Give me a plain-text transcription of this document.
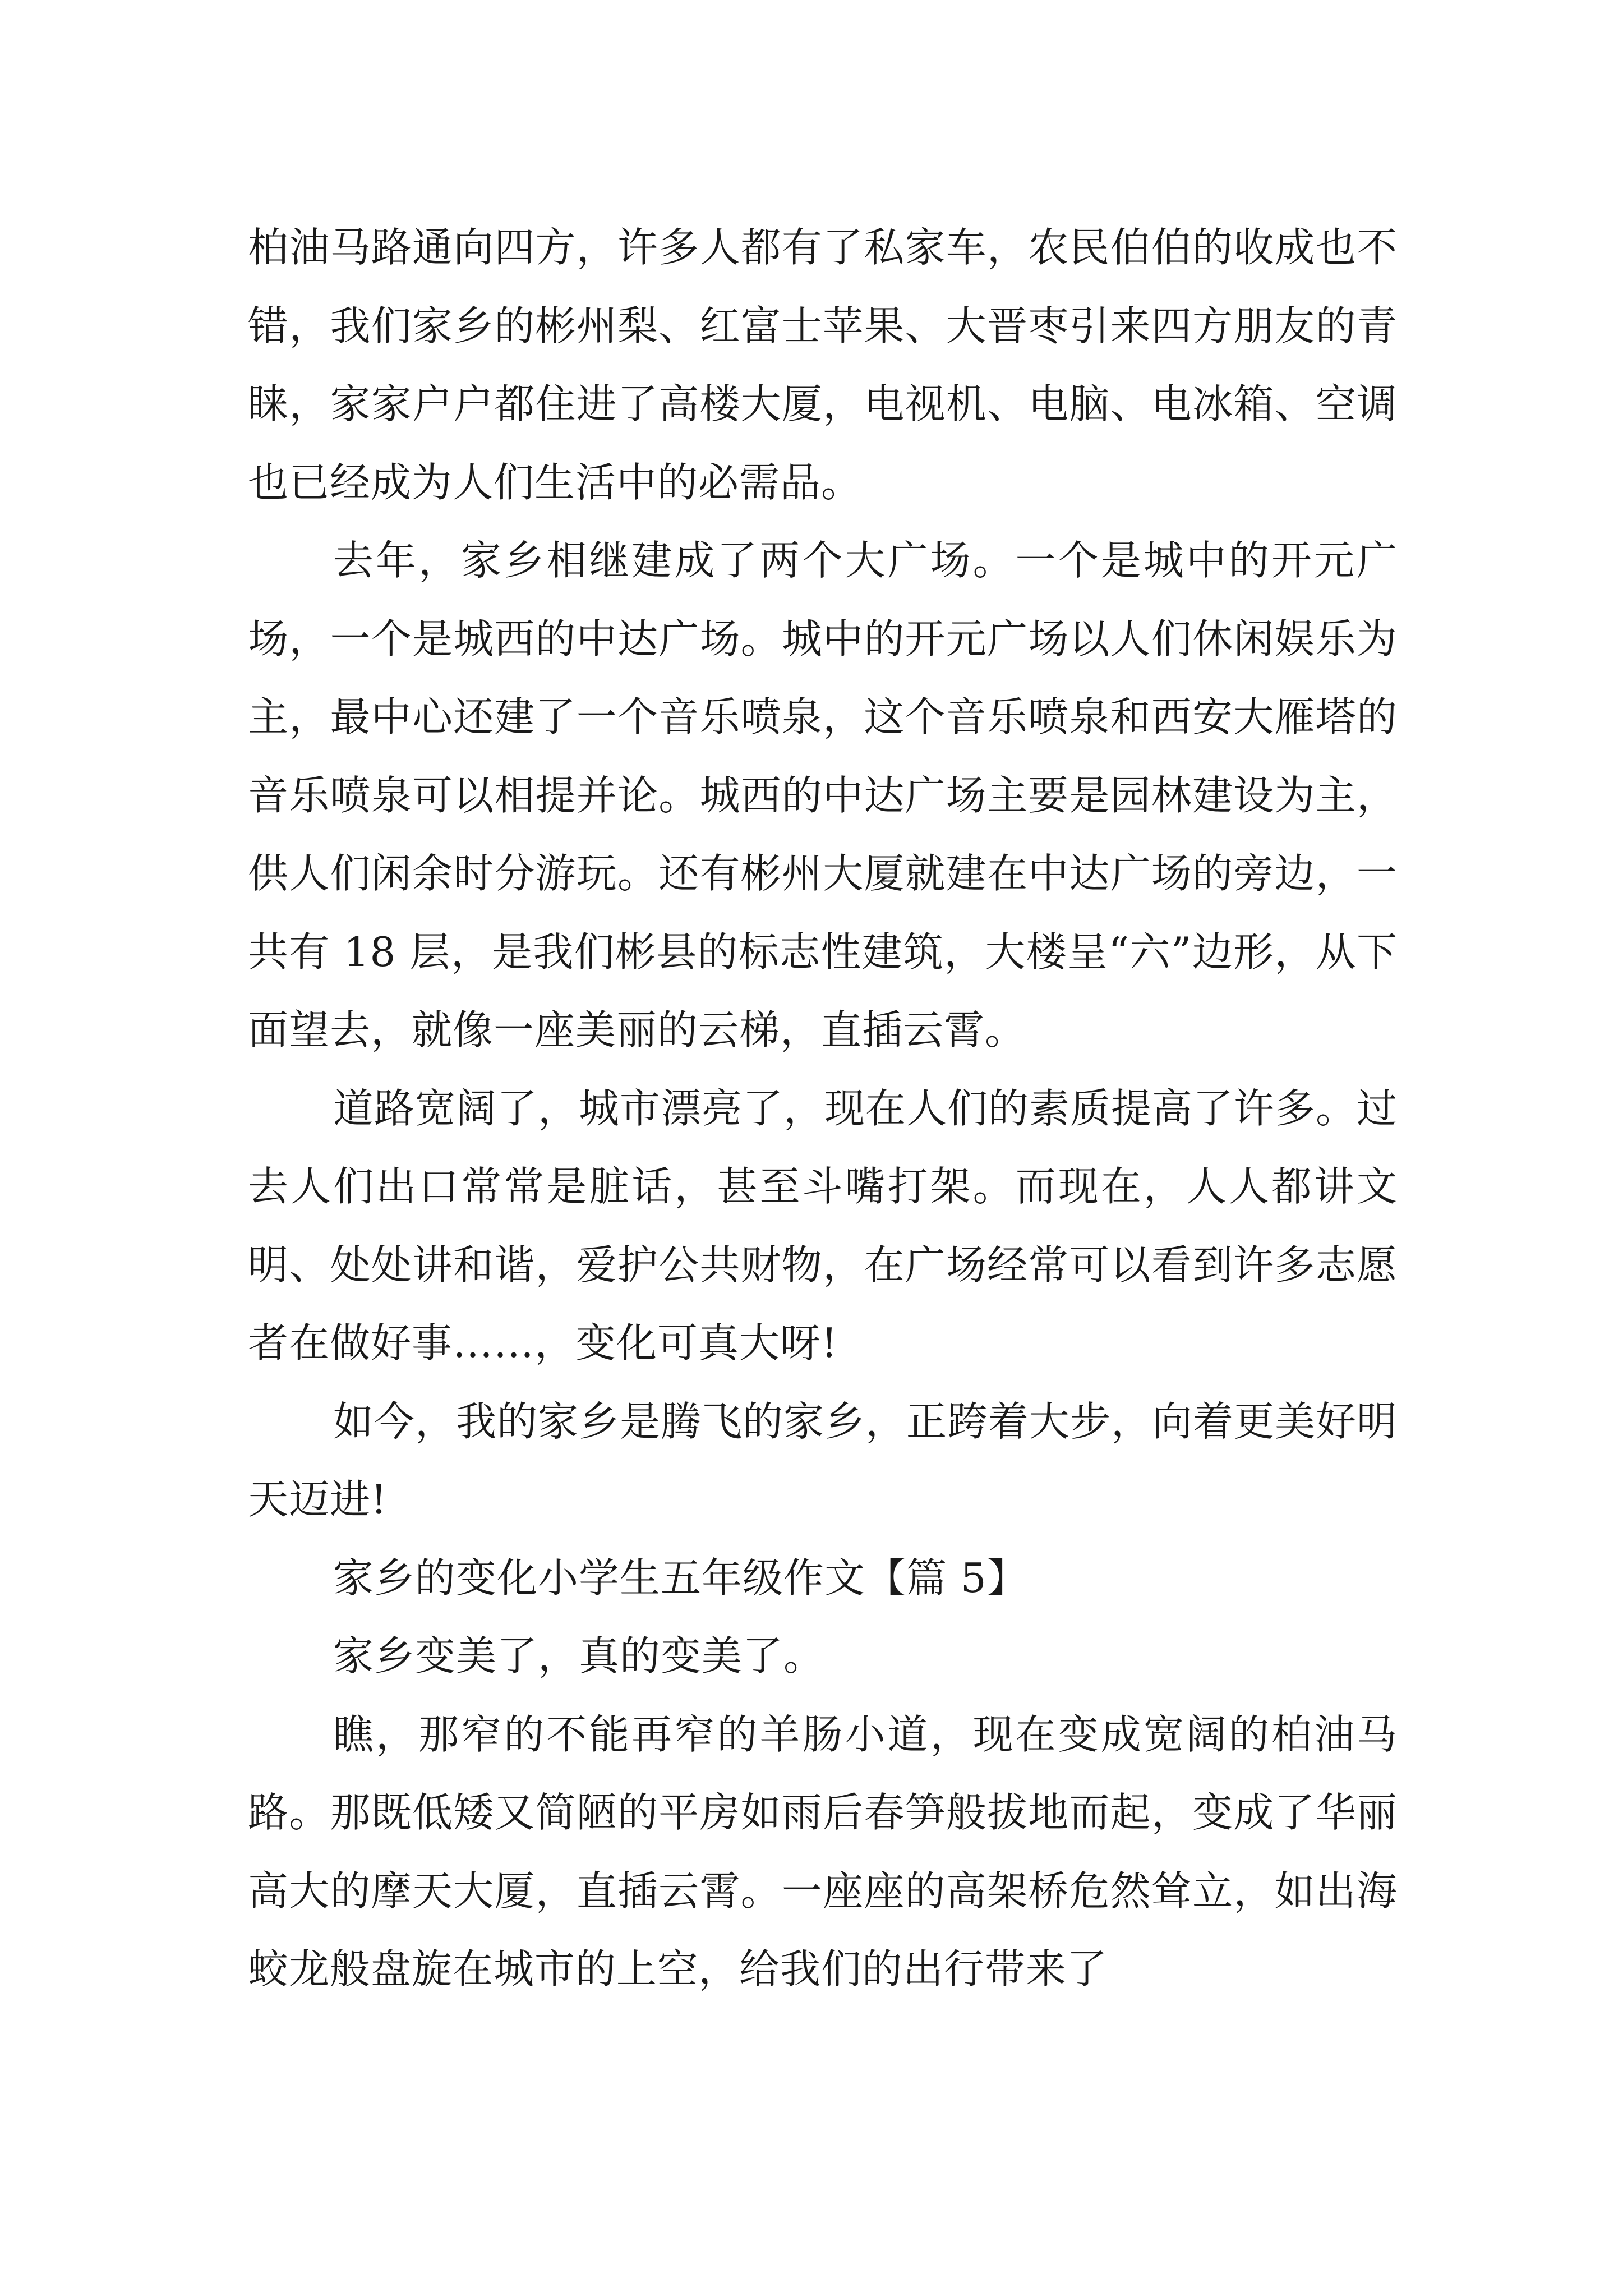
柏油马路通向四方，许多人都有了私家车，农民伯伯的收成也不错，我们家乡的彬州梨、红富士苹果、大晋枣引来四方朋友的青睐，家家户户都住进了高楼大厦，电视机、电脑、电冰箱、空调也已经成为人们生活中的必需品。

去年，家乡相继建成了两个大广场。一个是城中的开元广场，一个是城西的中达广场。城中的开元广场以人们休闲娱乐为主，最中心还建了一个音乐喷泉，这个音乐喷泉和西安大雁塔的音乐喷泉可以相提并论。城西的中达广场主要是园林建设为主，供人们闲余时分游玩。还有彬州大厦就建在中达广场的旁边，一共有 18 层，是我们彬县的标志性建筑，大楼呈“六”边形，从下面望去，就像一座美丽的云梯，直插云霄。

道路宽阔了，城市漂亮了，现在人们的素质提高了许多。过去人们出口常常是脏话，甚至斗嘴打架。而现在，人人都讲文明、处处讲和谐，爱护公共财物，在广场经常可以看到许多志愿者在做好事……，变化可真大呀!

如今，我的家乡是腾飞的家乡，正跨着大步，向着更美好明天迈进!

家乡的变化小学生五年级作文【篇 5】

家乡变美了，真的变美了。

瞧，那窄的不能再窄的羊肠小道，现在变成宽阔的柏油马路。那既低矮又简陋的平房如雨后春笋般拔地而起，变成了华丽高大的摩天大厦，直插云霄。一座座的高架桥危然耸立，如出海蛟龙般盘旋在城市的上空，给我们的出行带来了
